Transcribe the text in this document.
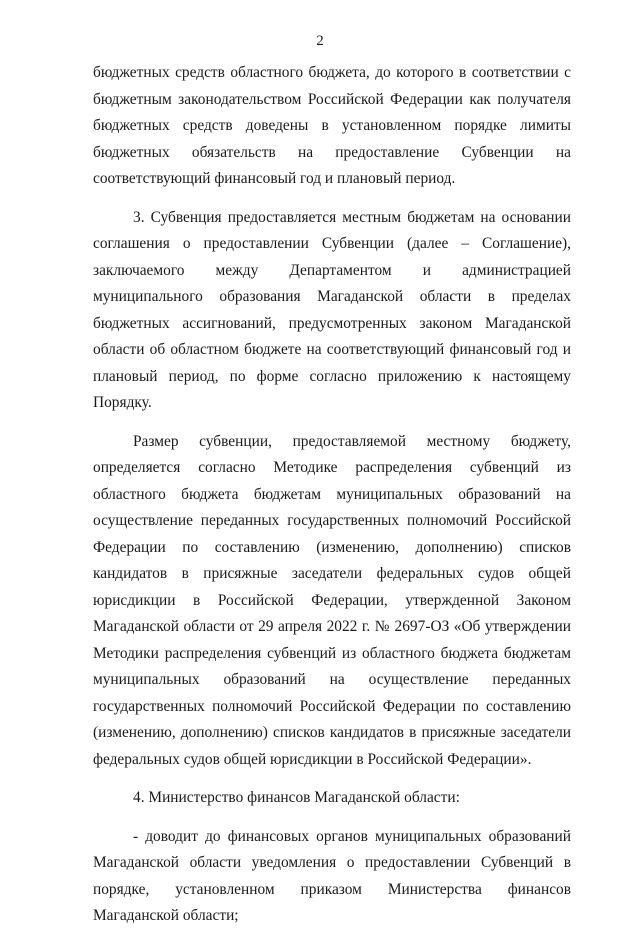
2

бюджетных средств областного бюджета, до которого в соответствии с бюджетным законодательством Российской Федерации как получателя бюджетных средств доведены в установленном порядке лимиты бюджетных обязательств на предоставление Субвенции на соответствующий финансовый год и плановый период.

3. Субвенция предоставляется местным бюджетам на основании соглашения о предоставлении Субвенции (далее – Соглашение), заключаемого между Департаментом и администрацией муниципального образования Магаданской области в пределах бюджетных ассигнований, предусмотренных законом Магаданской области об областном бюджете на соответствующий финансовый год и плановый период, по форме согласно приложению к настоящему Порядку.

Размер субвенции, предоставляемой местному бюджету, определяется согласно Методике распределения субвенций из областного бюджета бюджетам муниципальных образований на осуществление переданных государственных полномочий Российской Федерации по составлению (изменению, дополнению) списков кандидатов в присяжные заседатели федеральных судов общей юрисдикции в Российской Федерации, утвержденной Законом Магаданской области от 29 апреля 2022 г. № 2697-ОЗ «Об утверждении Методики распределения субвенций из областного бюджета бюджетам муниципальных образований на осуществление переданных государственных полномочий Российской Федерации по составлению (изменению, дополнению) списков кандидатов в присяжные заседатели федеральных судов общей юрисдикции в Российской Федерации».

4. Министерство финансов Магаданской области:

- доводит до финансовых органов муниципальных образований Магаданской области уведомления о предоставлении Субвенций в порядке, установленном приказом Министерства финансов Магаданской области;
